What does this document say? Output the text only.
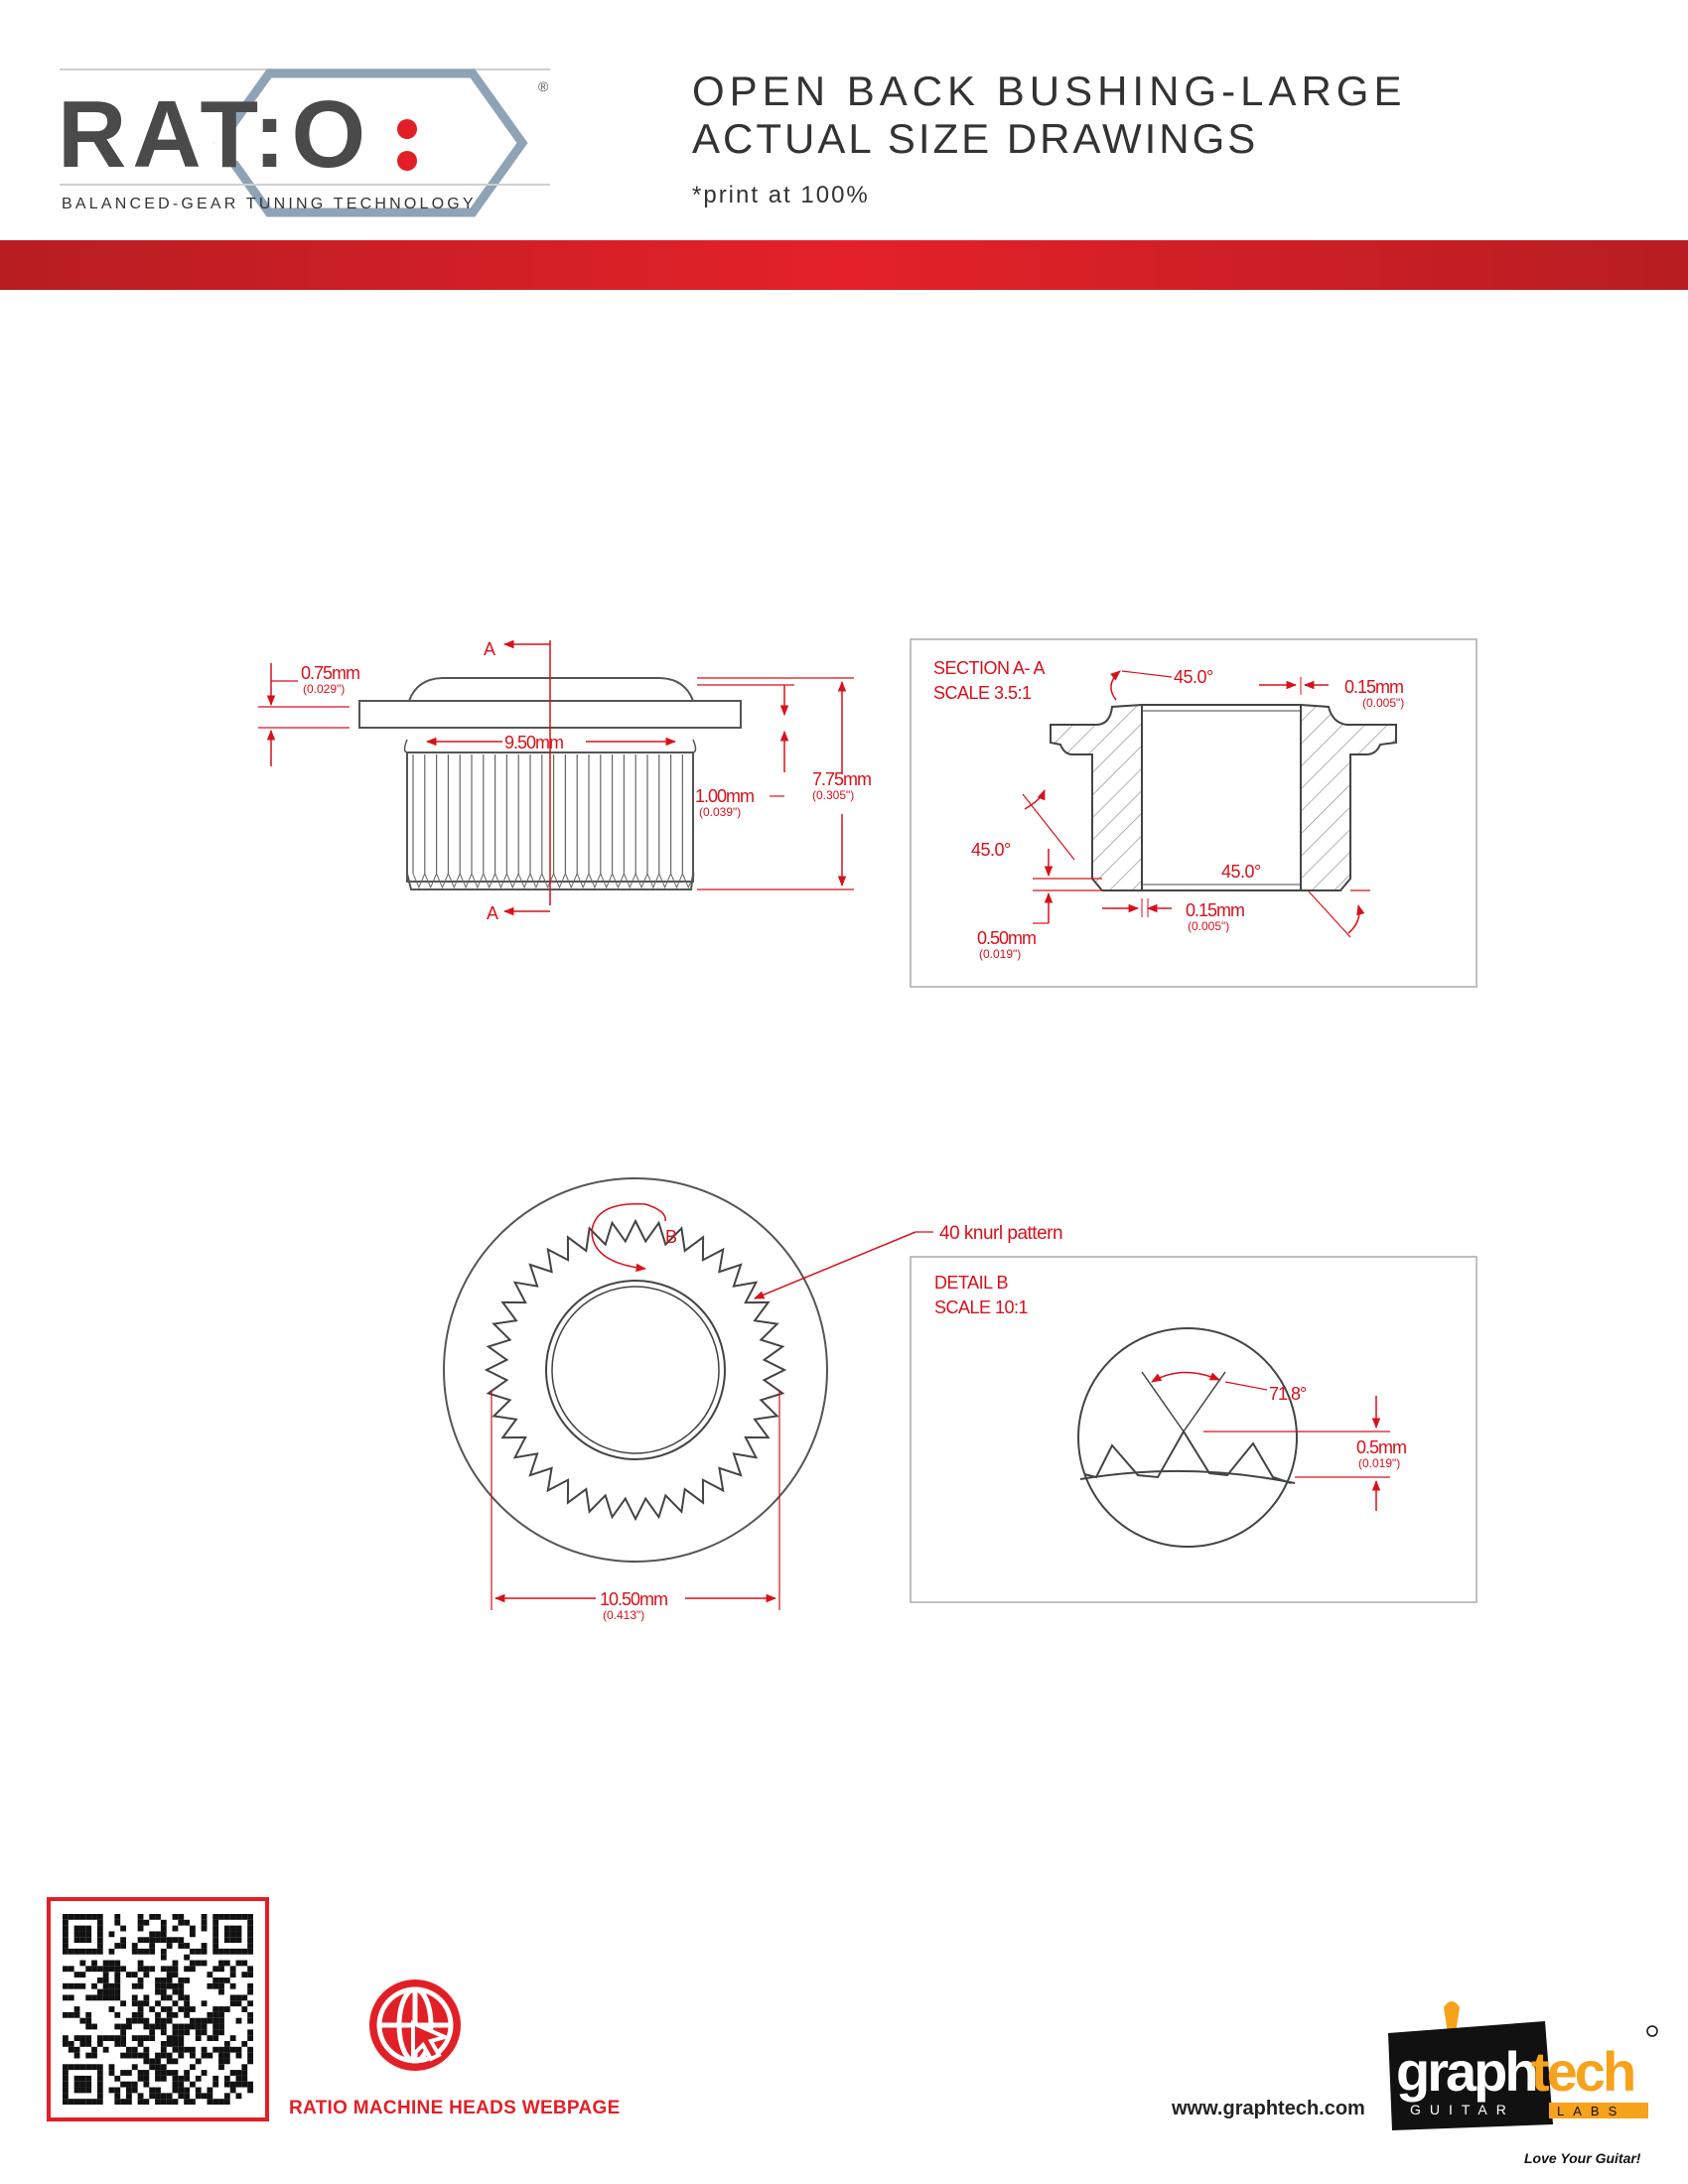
RAT:O	®
BALANCED-GEAR TUNING TECHNOLOGY
OPEN BACK BUSHING-LARGE
ACTUAL SIZE DRAWINGS
*print at 100%
A
A
0.75mm
(0.029")
9.50mm
1.00mm
(0.039")
7.75mm
(0.305")
SECTION A- A
SCALE 3.5:1
45.0°	0.15mm
(0.005")
45.0°
0.50mm
(0.019")
45.0°
0.15mm
(0.005")
B	40 knurl pattern
10.50mm
(0.413")
DETAIL B
SCALE 10:1
71.8°
0.5mm
(0.019")
RATIO MACHINE HEADS WEBPAGE	www.graphtech.com
graph
tech
GUITAR	LABS
Love Your Guitar!
